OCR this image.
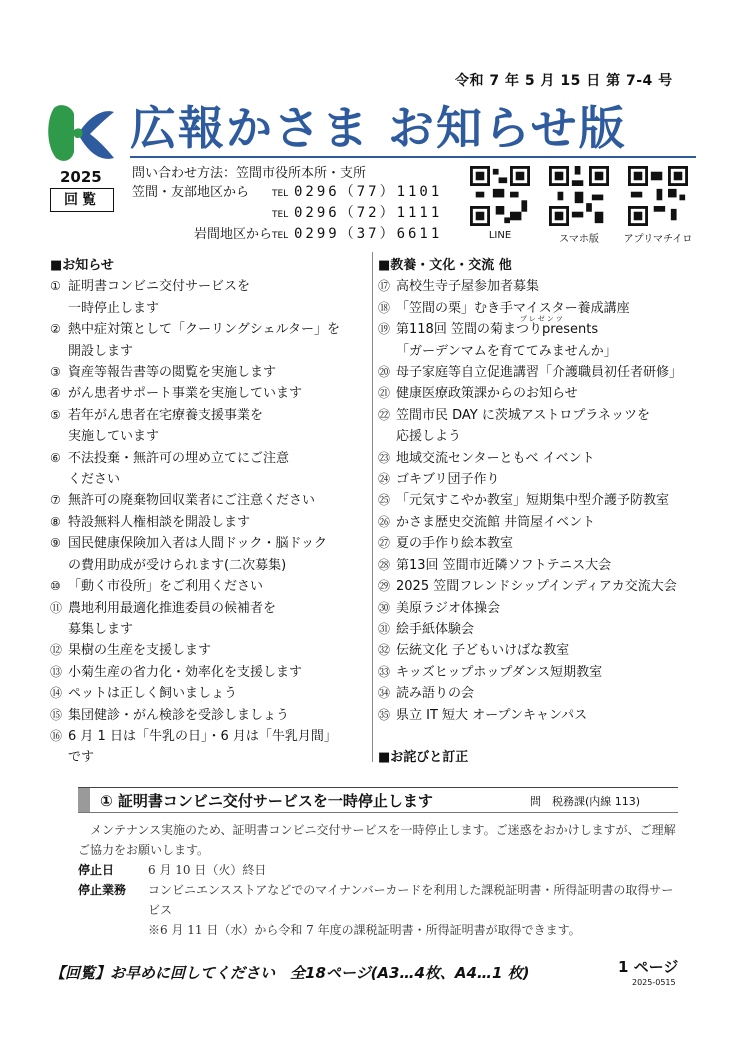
令和 7 年 5 月 15 日 第 7-4 号
広報かさま お知らせ版
2025
回覧
問い合わせ方法：笠間市役所本所・支所
笠間・友部地区から	TEL 0296（77）1101
TEL 0296（72）1111
岩間地区からTEL 0299（37）6611	LINE	スマホ版	アプリマチイロ
■お知らせ
① 証明書コンビニ交付サービスを
一時停止します
② 熱中症対策として「クーリングシェルター」を
開設します
③ 資産等報告書等の閲覧を実施します
④ がん患者サポート事業を実施しています
⑤ 若年がん患者在宅療養支援事業を
実施しています
⑥ 不法投棄・無許可の埋め立てにご注意
ください
⑦ 無許可の廃棄物回収業者にご注意ください
⑧ 特設無料人権相談を開設します
⑨ 国民健康保険加入者は人間ドック・脳ドック
の費用助成が受けられます(二次募集)
⑩ 「動く市役所」をご利用ください
⑪ 農地利用最適化推進委員の候補者を
募集します
⑫ 果樹の生産を支援します
⑬ 小菊生産の省力化・効率化を支援します
⑭ ペットは正しく飼いましょう
⑮ 集団健診・がん検診を受診しましょう
⑯ 6 月 1 日は「牛乳の日」・6 月は「牛乳月間」
です
■教養・文化・交流 他
⑰ 高校生寺子屋参加者募集
⑱ 「笠間の栗」むき手マイスター養成講座
⑲ 第118回 笠間の菊まつりpresents
「ガーデンマムを育ててみませんか」
⑳ 母子家庭等自立促進講習「介護職員初任者研修」
㉑ 健康医療政策課からのお知らせ
㉒ 笠間市民 DAY に茨城アストロプラネッツを
応援しよう
㉓ 地域交流センターともべ イベント
㉔ ゴキブリ団子作り
㉕ 「元気すこやか教室」短期集中型介護予防教室
㉖ かさま歴史交流館 井筒屋イベント
㉗ 夏の手作り絵本教室
㉘ 第13回 笠間市近隣ソフトテニス大会
㉙ 2025 笠間フレンドシップインディアカ交流大会
㉚ 美原ラジオ体操会
㉛ 絵手紙体験会
㉜ 伝統文化 子どもいけばな教室
㉝ キッズヒップホップダンス短期教室
㉞ 読み語りの会
㉟ 県立 IT 短大 オープンキャンパス
■お詫びと訂正
プレゼンツ
① 証明書コンビニ交付サービスを一時停止します	問　税務課(内線 113)

メンテナンス実施のため、証明書コンビニ交付サービスを一時停止します。ご迷惑をおかけしますが、ご理解ご協力をお願いします。

停止日	6 月 10 日（火）終日
停止業務	コンビニエンスストアなどでのマイナンバーカードを利用した課税証明書・所得証明書の取得サービス
※6 月 11 日（水）から令和 7 年度の課税証明書・所得証明書が取得できます。
【回覧】お早めに回してください　全18ページ(A3…4枚、A4…1 枚)	1 ページ
2025-0515
